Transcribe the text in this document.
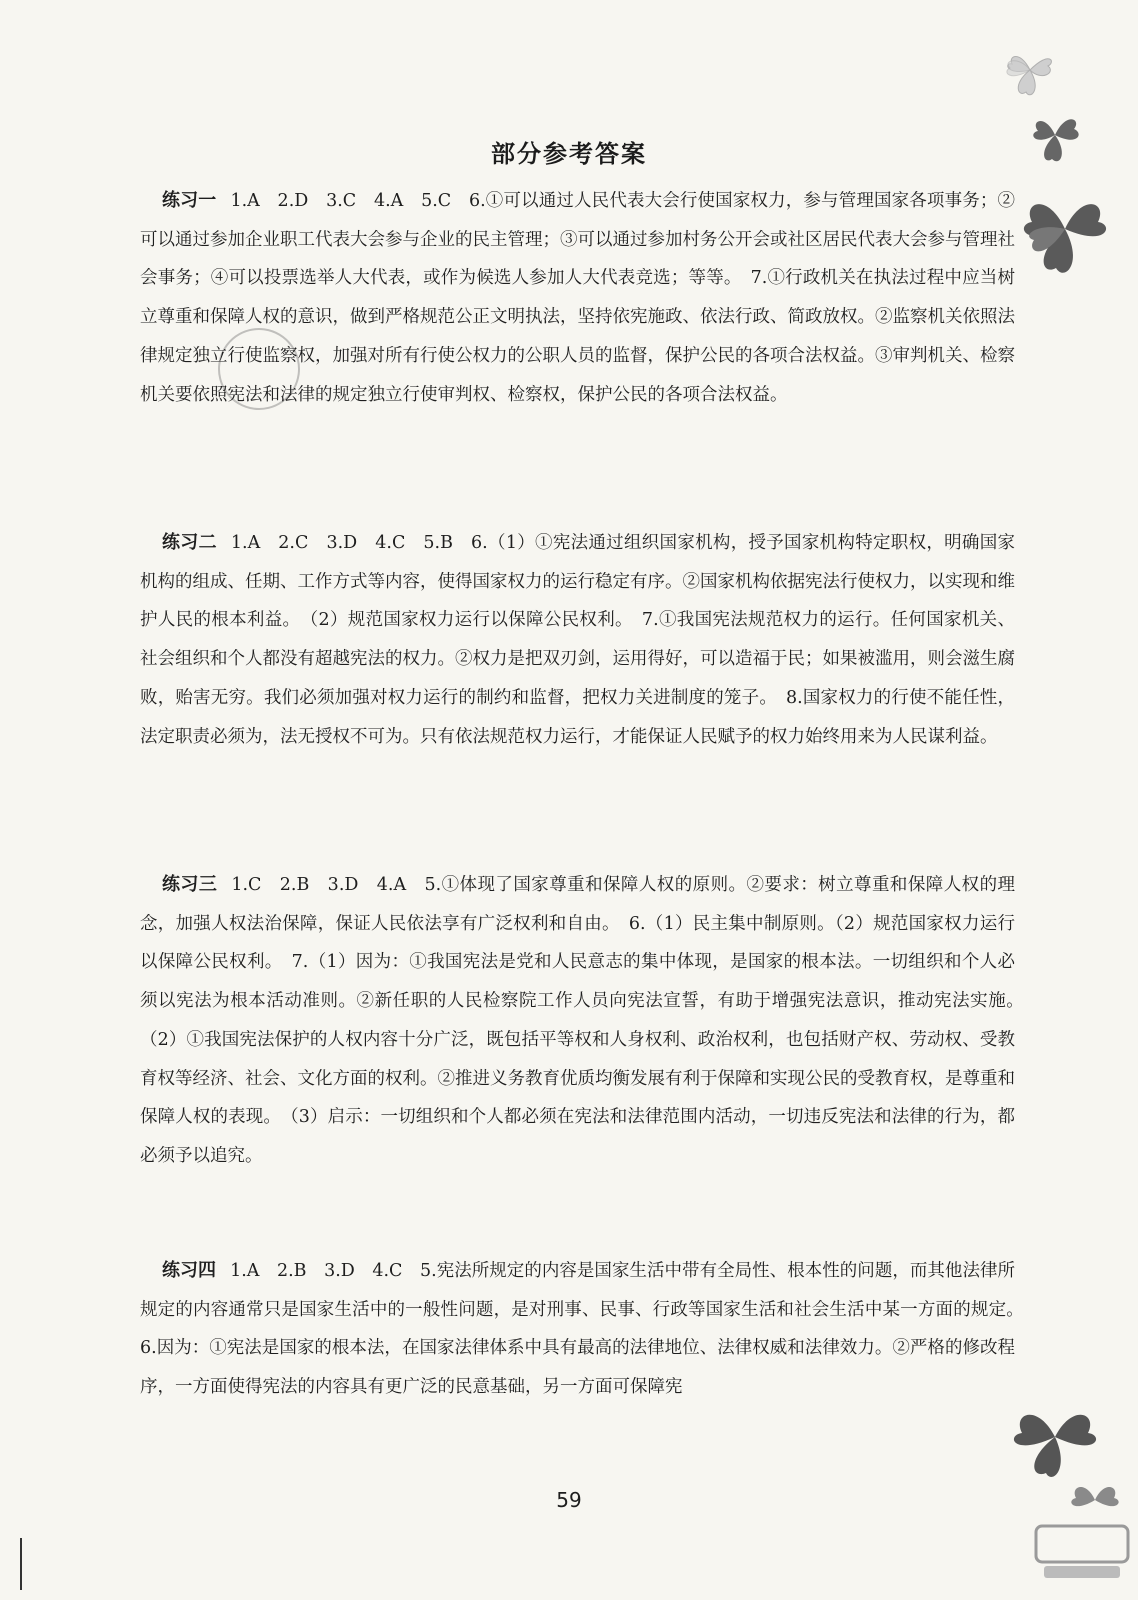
部分参考答案
练习一 1.A　2.D　3.C　4.A　5.C　6.①可以通过人民代表大会行使国家权力，参与管理国家各项事务；②可以通过参加企业职工代表大会参与企业的民主管理；③可以通过参加村务公开会或社区居民代表大会参与管理社会事务；④可以投票选举人大代表，或作为候选人参加人大代表竞选；等等。　7.①行政机关在执法过程中应当树立尊重和保障人权的意识，做到严格规范公正文明执法，坚持依宪施政、依法行政、简政放权。②监察机关依照法律规定独立行使监察权，加强对所有行使公权力的公职人员的监督，保护公民的各项合法权益。③审判机关、检察机关要依照宪法和法律的规定独立行使审判权、检察权，保护公民的各项合法权益。
练习二 1.A　2.C　3.D　4.C　5.B　6.（1）①宪法通过组织国家机构，授予国家机构特定职权，明确国家机构的组成、任期、工作方式等内容，使得国家权力的运行稳定有序。②国家机构依据宪法行使权力，以实现和维护人民的根本利益。　（2）规范国家权力运行以保障公民权利。　7.①我国宪法规范权力的运行。任何国家机关、社会组织和个人都没有超越宪法的权力。②权力是把双刃剑，运用得好，可以造福于民；如果被滥用，则会滋生腐败，贻害无穷。我们必须加强对权力运行的制约和监督，把权力关进制度的笼子。　8.国家权力的行使不能任性，法定职责必须为，法无授权不可为。只有依法规范权力运行，才能保证人民赋予的权力始终用来为人民谋利益。
练习三 1.C　2.B　3.D　4.A　5.①体现了国家尊重和保障人权的原则。②要求：树立尊重和保障人权的理念，加强人权法治保障，保证人民依法享有广泛权利和自由。　6.（1）民主集中制原则。（2）规范国家权力运行以保障公民权利。　7.（1）因为：①我国宪法是党和人民意志的集中体现，是国家的根本法。一切组织和个人必须以宪法为根本活动准则。②新任职的人民检察院工作人员向宪法宣誓，有助于增强宪法意识，推动宪法实施。　（2）①我国宪法保护的人权内容十分广泛，既包括平等权和人身权利、政治权利，也包括财产权、劳动权、受教育权等经济、社会、文化方面的权利。②推进义务教育优质均衡发展有利于保障和实现公民的受教育权，是尊重和保障人权的表现。　（3）启示：一切组织和个人都必须在宪法和法律范围内活动，一切违反宪法和法律的行为，都必须予以追究。
练习四 1.A　2.B　3.D　4.C　5.宪法所规定的内容是国家生活中带有全局性、根本性的问题，而其他法律所规定的内容通常只是国家生活中的一般性问题，是对刑事、民事、行政等国家生活和社会生活中某一方面的规定。　6.因为：①宪法是国家的根本法，在国家法律体系中具有最高的法律地位、法律权威和法律效力。②严格的修改程序，一方面使得宪法的内容具有更广泛的民意基础，另一方面可保障宪
59
